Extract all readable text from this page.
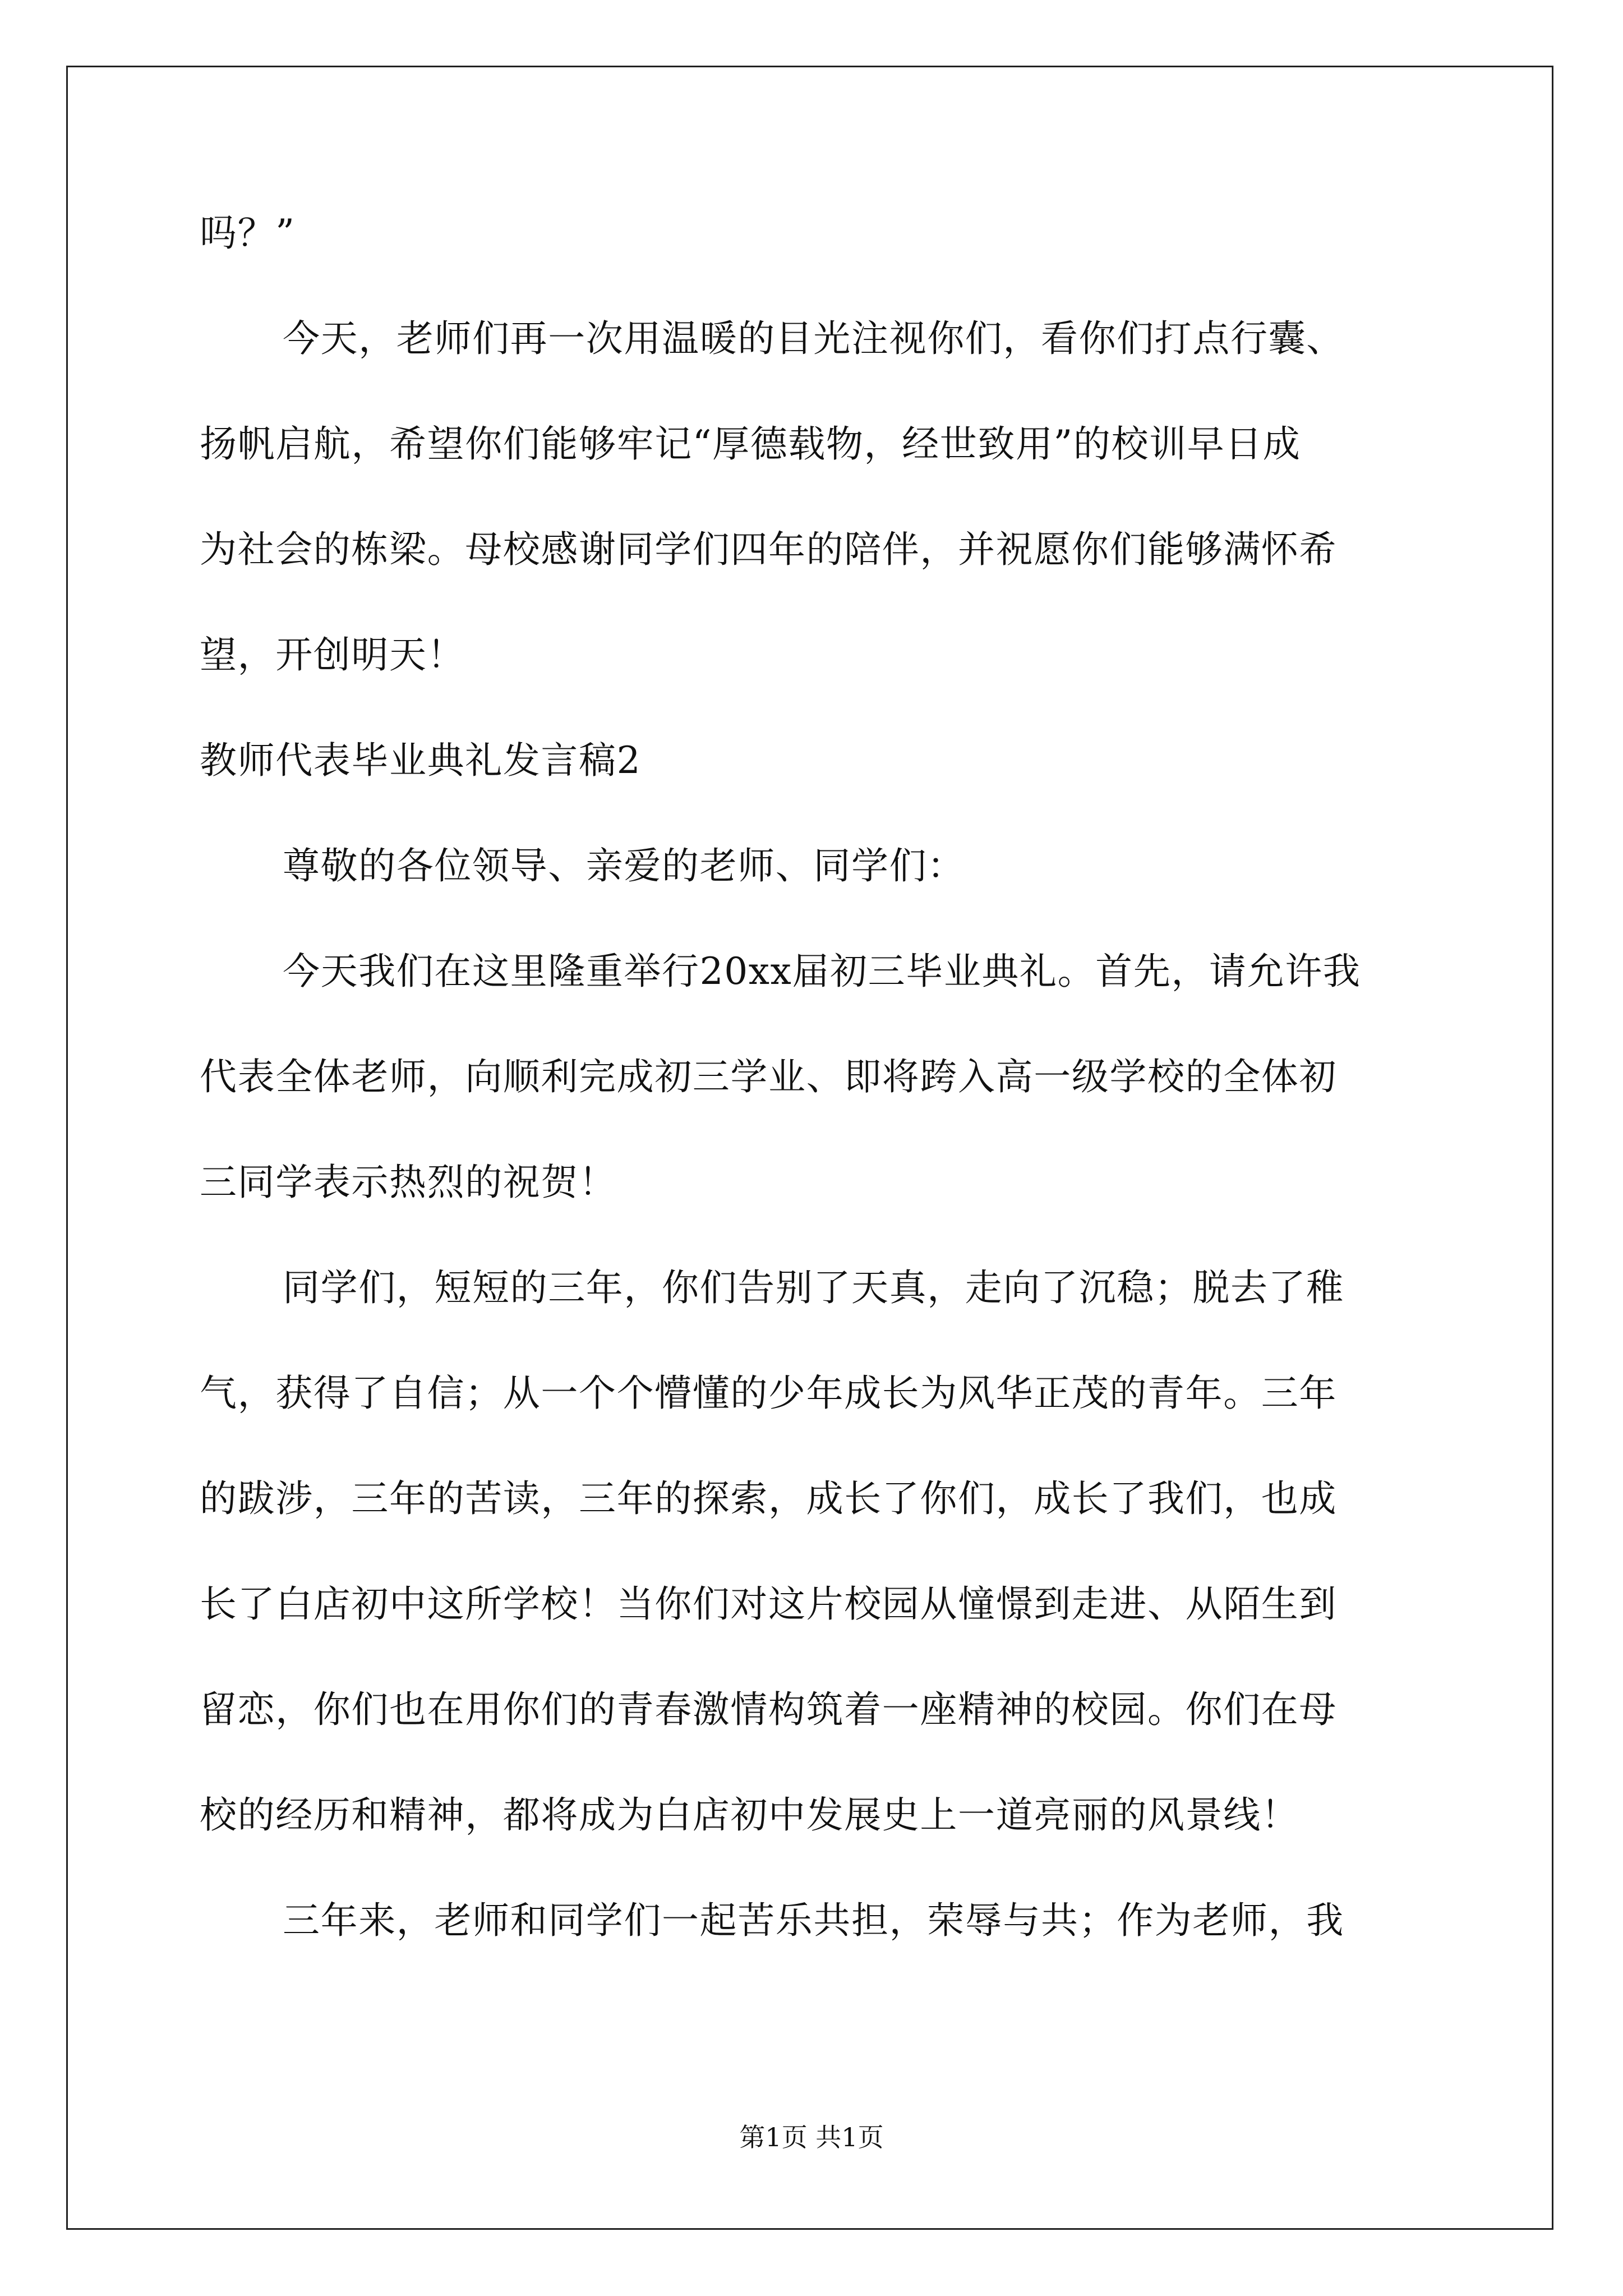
吗？”
今天，老师们再一次用温暖的目光注视你们，看你们打点行囊、
扬帆启航，希望你们能够牢记“厚德载物，经世致用”的校训早日成
为社会的栋梁。母校感谢同学们四年的陪伴，并祝愿你们能够满怀希
望，开创明天！
教师代表毕业典礼发言稿2
尊敬的各位领导、亲爱的老师、同学们：
今天我们在这里隆重举行20xx届初三毕业典礼。首先，请允许我
代表全体老师，向顺利完成初三学业、即将跨入高一级学校的全体初
三同学表示热烈的祝贺！
同学们，短短的三年，你们告别了天真，走向了沉稳；脱去了稚
气，获得了自信；从一个个懵懂的少年成长为风华正茂的青年。三年
的跋涉，三年的苦读，三年的探索，成长了你们，成长了我们，也成
长了白店初中这所学校！当你们对这片校园从憧憬到走进、从陌生到
留恋，你们也在用你们的青春激情构筑着一座精神的校园。你们在母
校的经历和精神，都将成为白店初中发展史上一道亮丽的风景线！
三年来，老师和同学们一起苦乐共担，荣辱与共；作为老师，我
第1页 共1页
